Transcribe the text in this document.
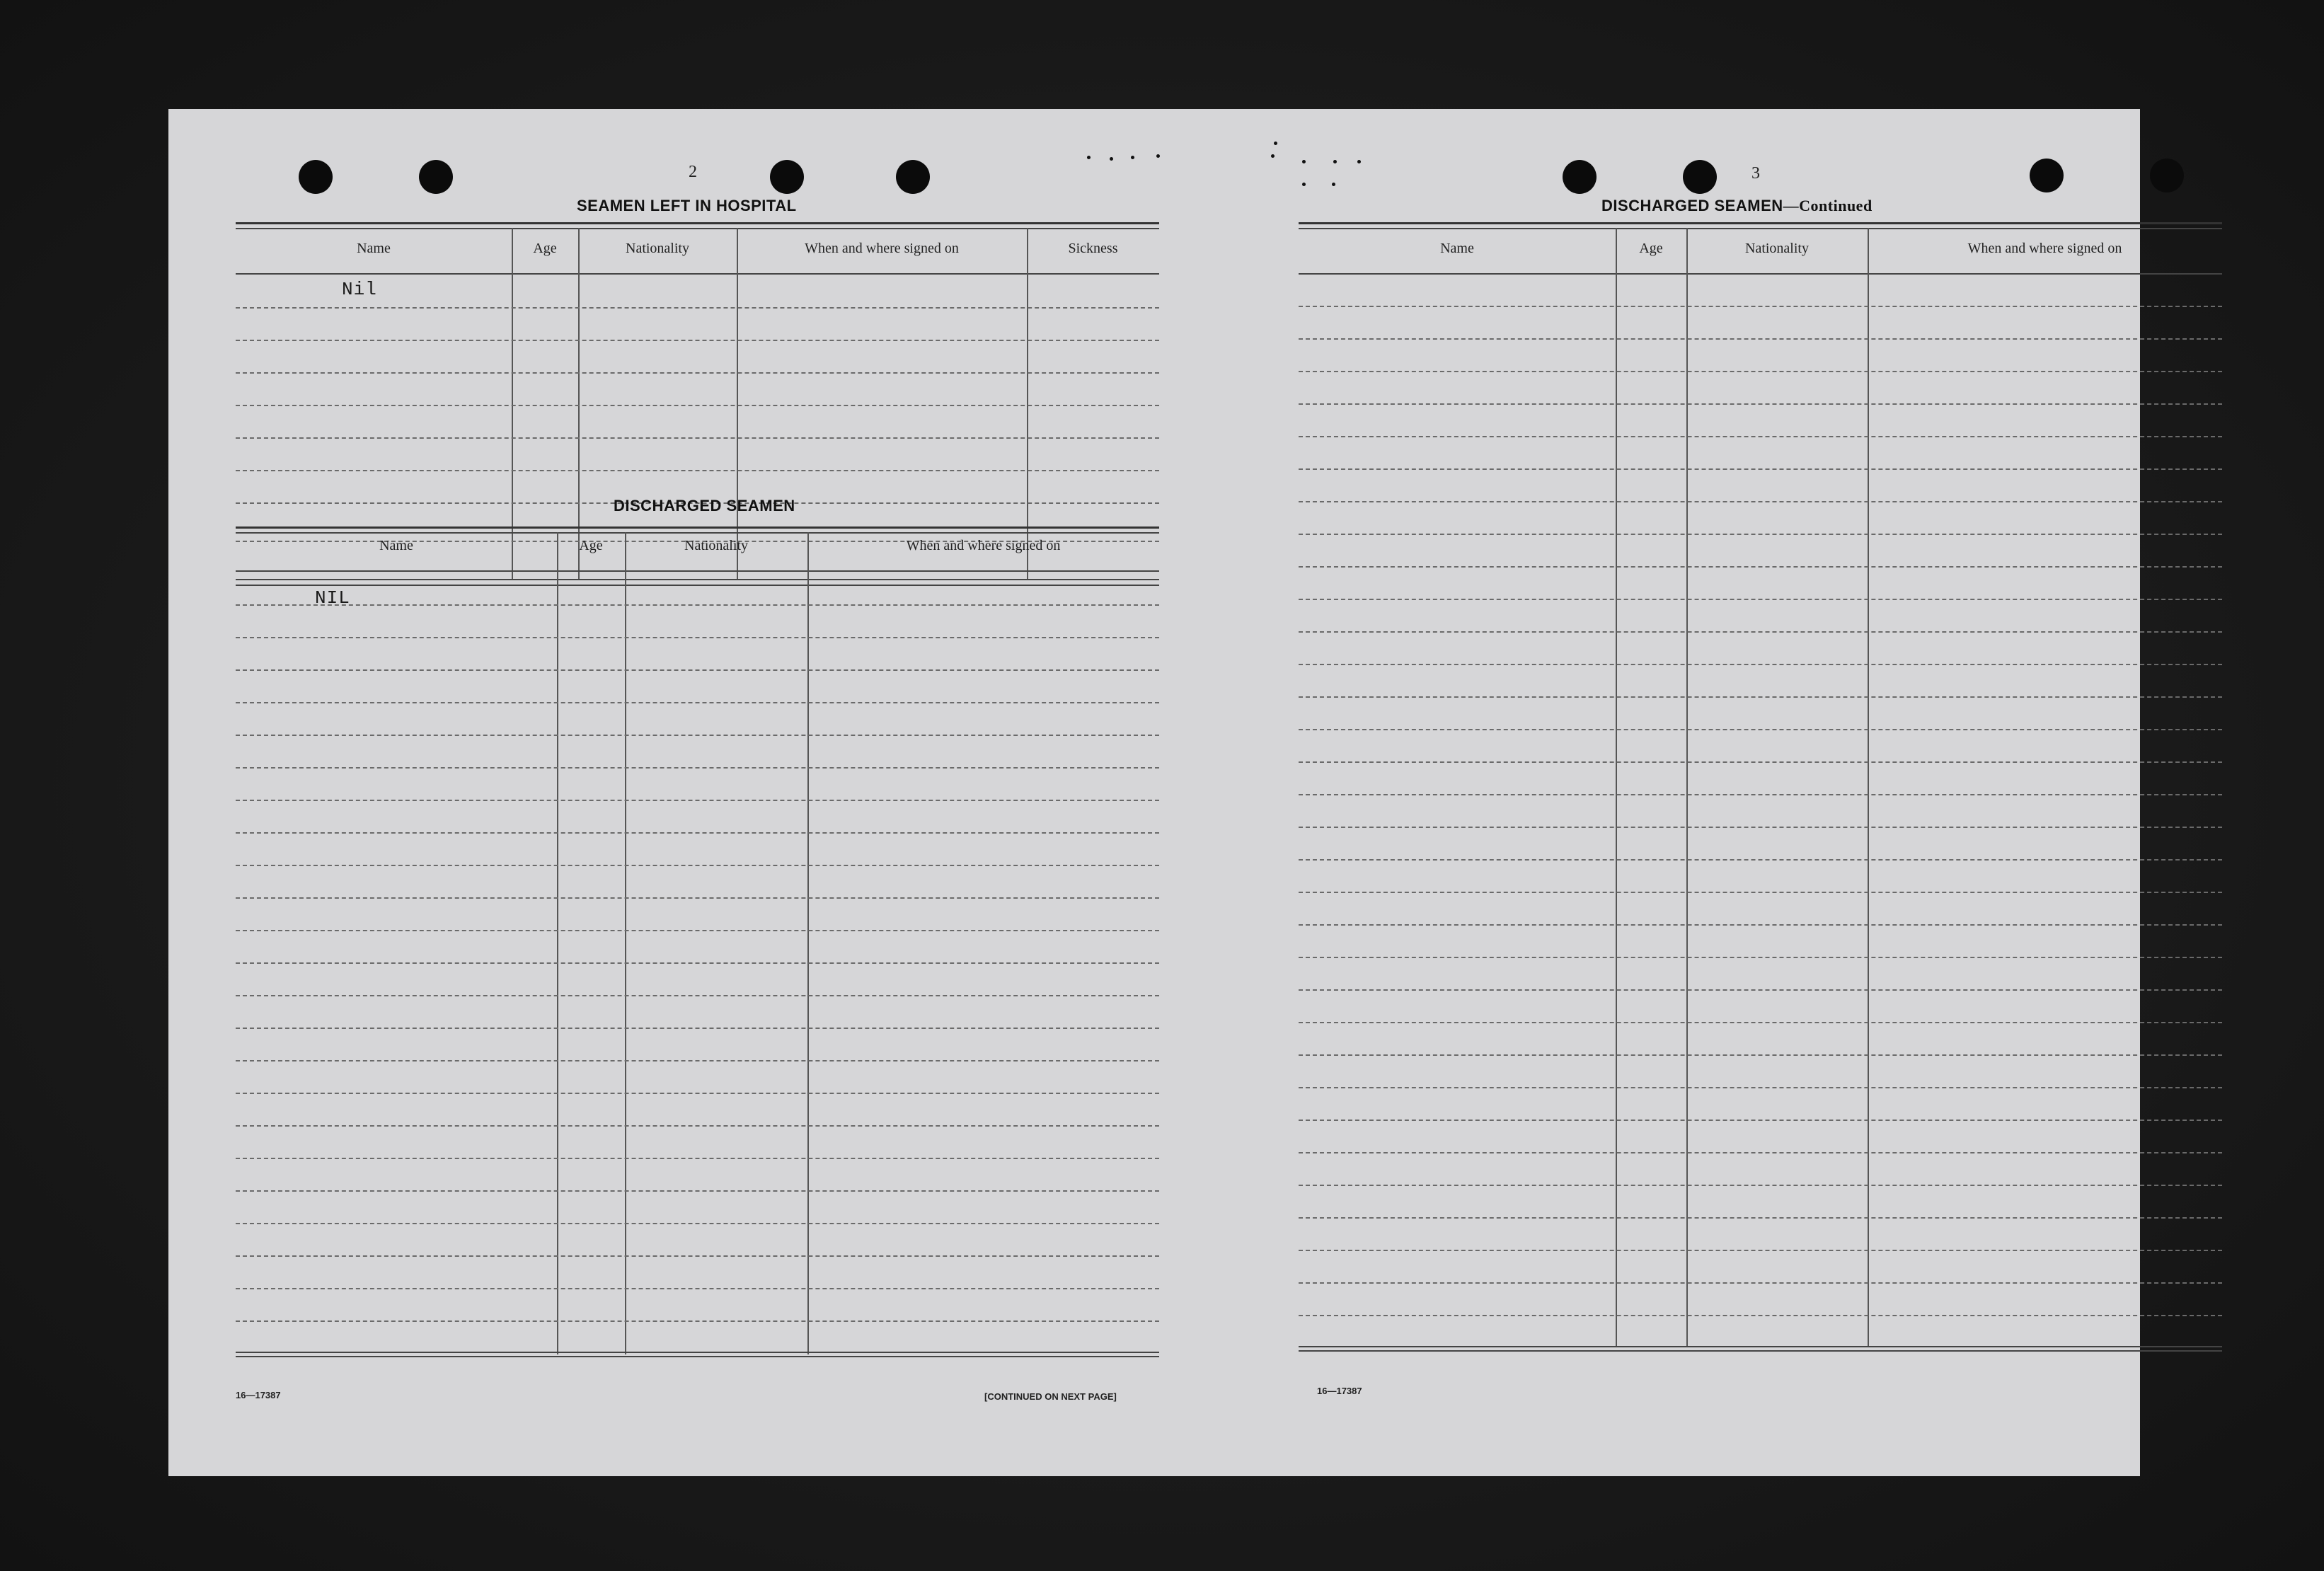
2
SEAMEN LEFT IN HOSPITAL
Name	Age	Nationality	When and where signed on	Sickness
Nil
DISCHARGED SEAMEN
Name	Age	Nationality	When and where signed on
NIL
16—17387	[CONTINUED ON NEXT PAGE]
3
DISCHARGED SEAMEN—Continued
Name	Age	Nationality	When and where signed on
16—17387
